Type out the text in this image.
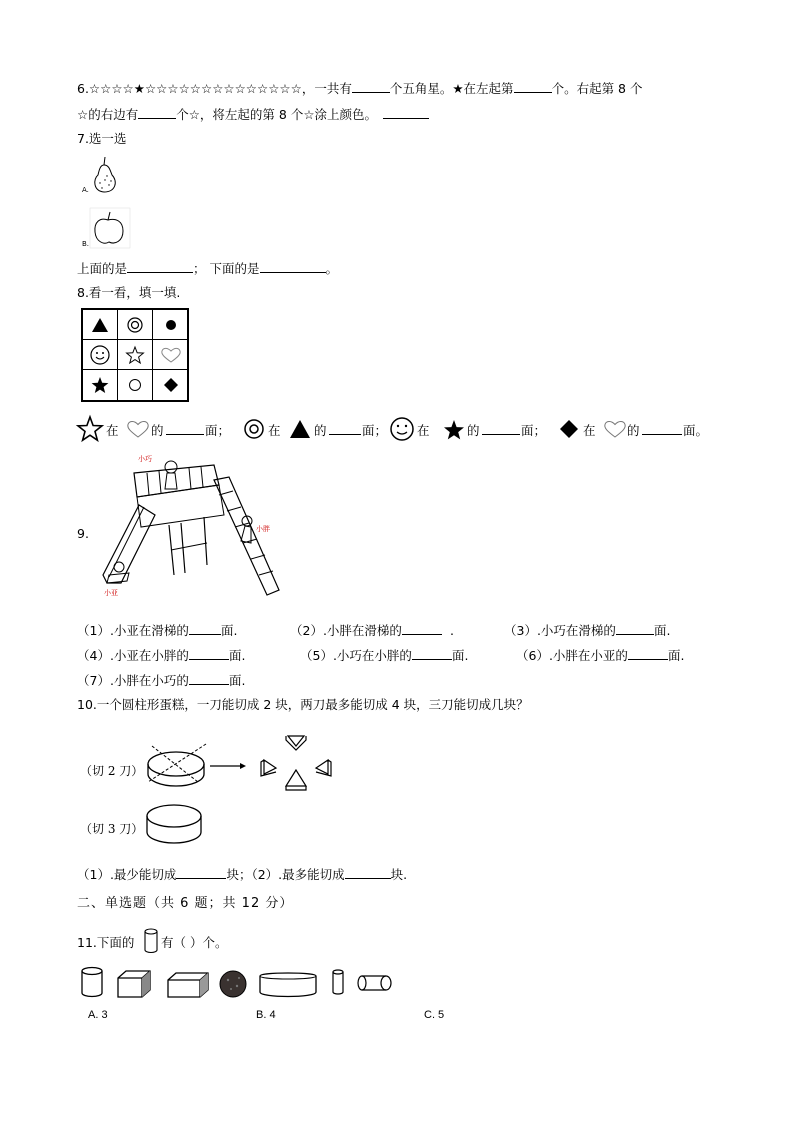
6.☆☆☆☆★☆☆☆☆☆☆☆☆☆☆☆☆☆☆，一共有	个五角星。★在左起第	个。右起第 8 个
☆的右边有	个☆，将左起的第 8 个☆涂上颜色。
7.选一选
A.
B.
上面的是	； 下面的是	。
8.看一看，填一填.
在	的	面；	在	的	面； 在	的	面；	在	的	面。
9.
小巧
小胖
小亚
（1）.小亚在滑梯的	面.	（2）.小胖在滑梯的	.	（3）.小巧在滑梯的	面.
（4）.小亚在小胖的	面.	（5）.小巧在小胖的	面.	（6）.小胖在小亚的	面.
（7）.小胖在小巧的	面.
10.一个圆柱形蛋糕，一刀能切成 2 块，两刀最多能切成 4 块，三刀能切成几块？
（切 2 刀）
（切 3 刀）
（1）.最少能切成	块；（2）.最多能切成	块.
二、单选题（共 6 题；共 12 分）
11.下面的 有（ ）个。
A. 3	B. 4	C. 5
